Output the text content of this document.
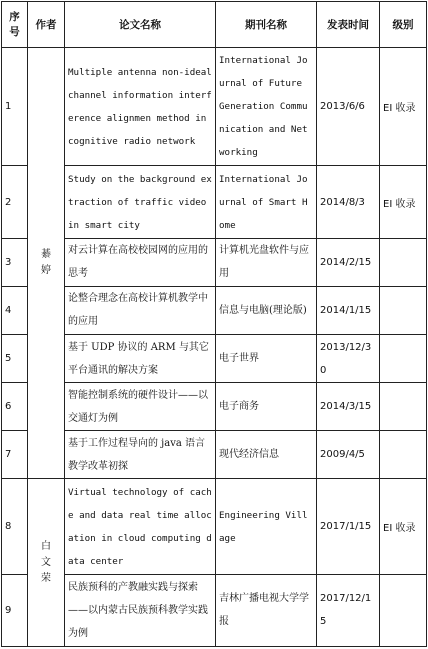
序号	作者	论文名称	期刊名称	发表时间	级别
1	綦婷	Multiple antenna non-ideal channel information interference alignmen method in cognitive radio network	International Journal of Future Generation Communication and Networking	2013/6/6	EI 收录
2		Study on the background extraction of traffic video in smart city	International Journal of Smart Home	2014/8/3	EI 收录
3		对云计算在高校校园网的应用的思考	计算机光盘软件与应用	2014/2/15	
4		论整合理念在高校计算机教学中的应用	信息与电脑(理论版)	2014/1/15	
5		基于 UDP 协议的 ARM 与其它平台通讯的解决方案	电子世界	2013/12/30	
6		智能控制系统的硬件设计——以交通灯为例	电子商务	2014/3/15	
7		基于工作过程导向的 java 语言教学改革初探	现代经济信息	2009/4/5	
8	白文荣	Virtual technology of cache and data real time allocation in cloud computing data center	Engineering Village	2017/1/15	EI 收录
9		民族预科的产教融实践与探索——以内蒙古民族预科教学实践为例	吉林广播电视大学学报	2017/12/15	
